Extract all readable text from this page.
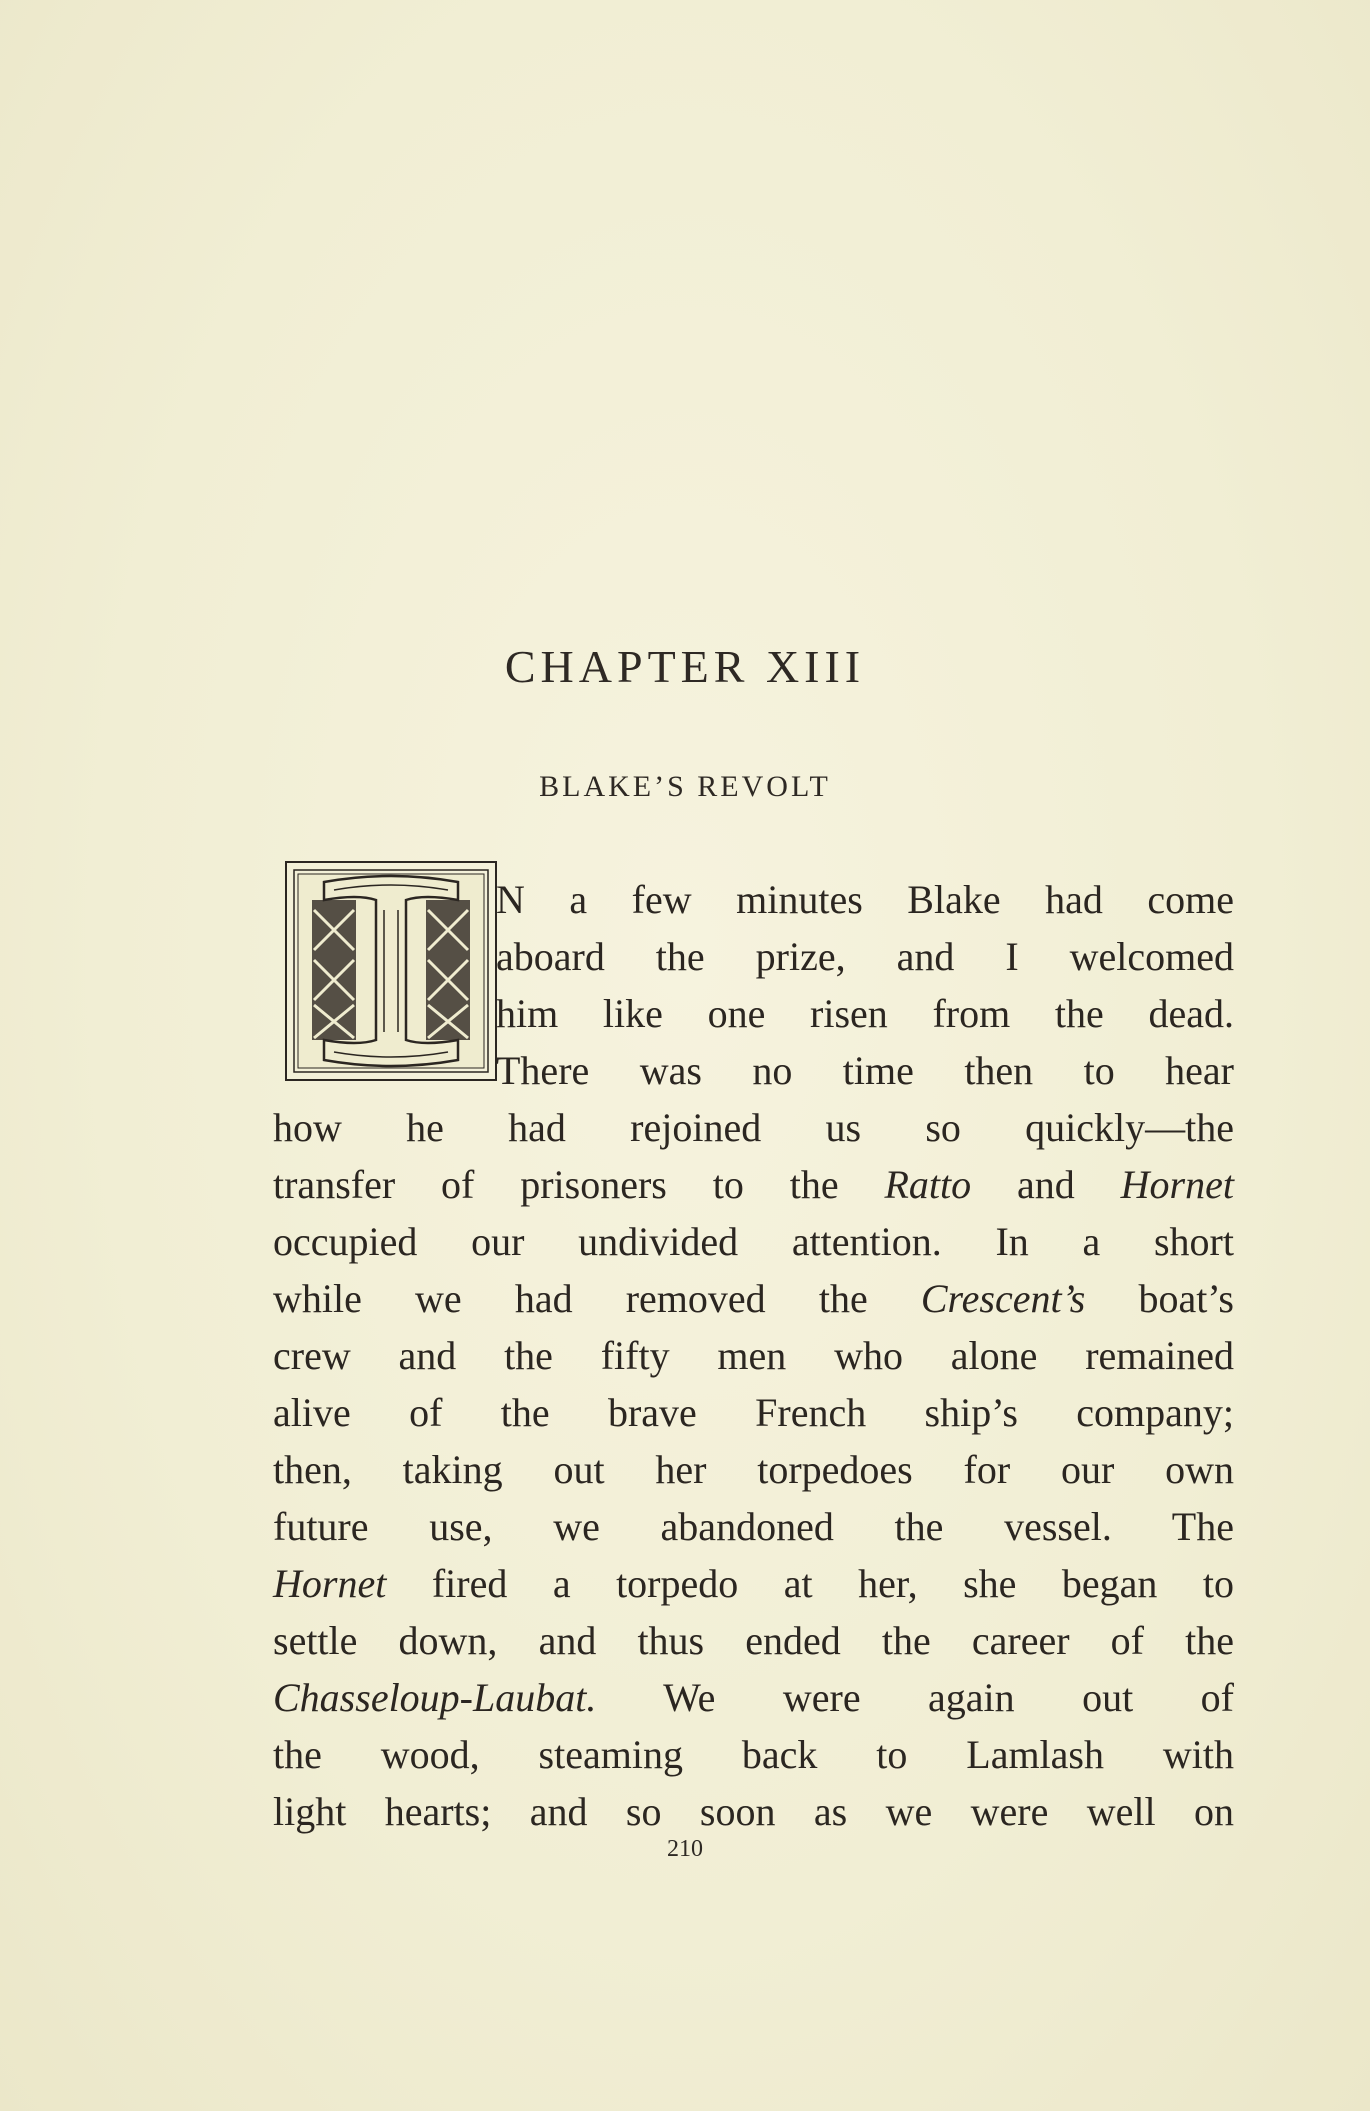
CHAPTER XIII
BLAKE’S REVOLT
N a few minutes Blake had come
aboard the prize, and I welcomed
him like one risen from the dead.
There was no time then to hear
how he had rejoined us so quickly—the
transfer of prisoners to the Ratto and Hornet
occupied our undivided attention. In a short
while we had removed the Crescent’s boat’s
crew and the fifty men who alone remained
alive of the brave French ship’s company;
then, taking out her torpedoes for our own
future use, we abandoned the vessel. The
Hornet fired a torpedo at her, she began to
settle down, and thus ended the career of the
Chasseloup-Laubat. We were again out of
the wood, steaming back to Lamlash with
light hearts; and so soon as we were well on
210
